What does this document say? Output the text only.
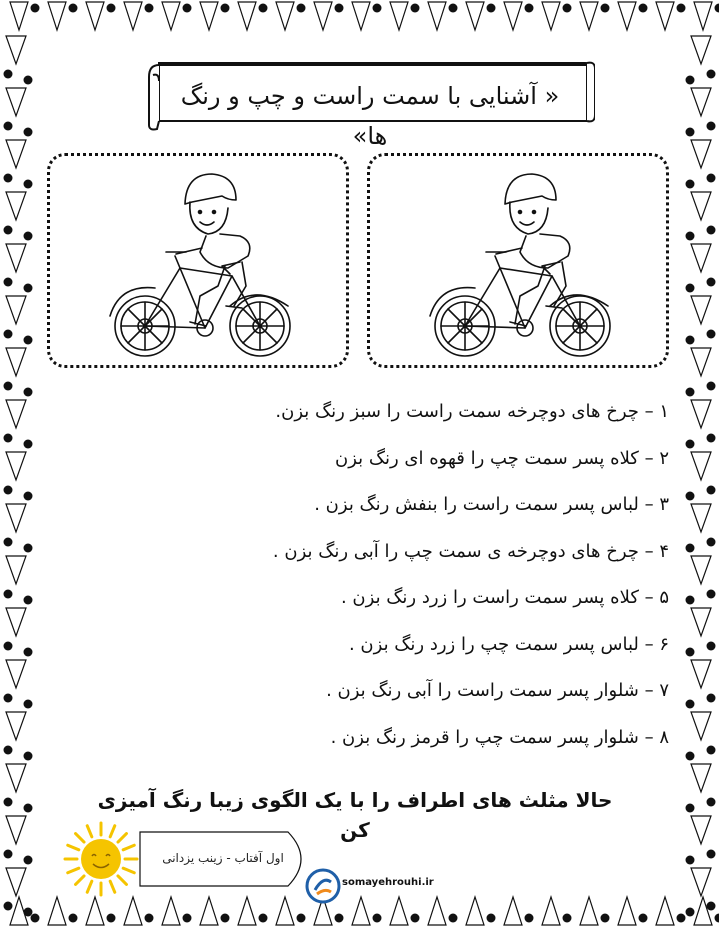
« آشنایی با سمت راست و چپ و رنگ ها»
۱ – چرخ های دوچرخه سمت راست را سبز رنگ بزن.
۲ – کلاه پسر سمت چپ را قهوه ای رنگ بزن
۳ – لباس پسر سمت راست را بنفش رنگ بزن .
۴ – چرخ های دوچرخه ی سمت چپ را آبی رنگ بزن .
۵ – کلاه پسر سمت راست را زرد رنگ بزن .
۶ – لباس پسر سمت چپ را زرد رنگ بزن .
۷ – شلوار پسر سمت راست را آبی رنگ بزن .
۸ – شلوار پسر سمت چپ را قرمز رنگ بزن .
حالا مثلث های اطراف را با یک الگوی زیبا رنگ آمیزی کن
اول آفتاب - زینب یزدانی
somayehrouhi.ir
